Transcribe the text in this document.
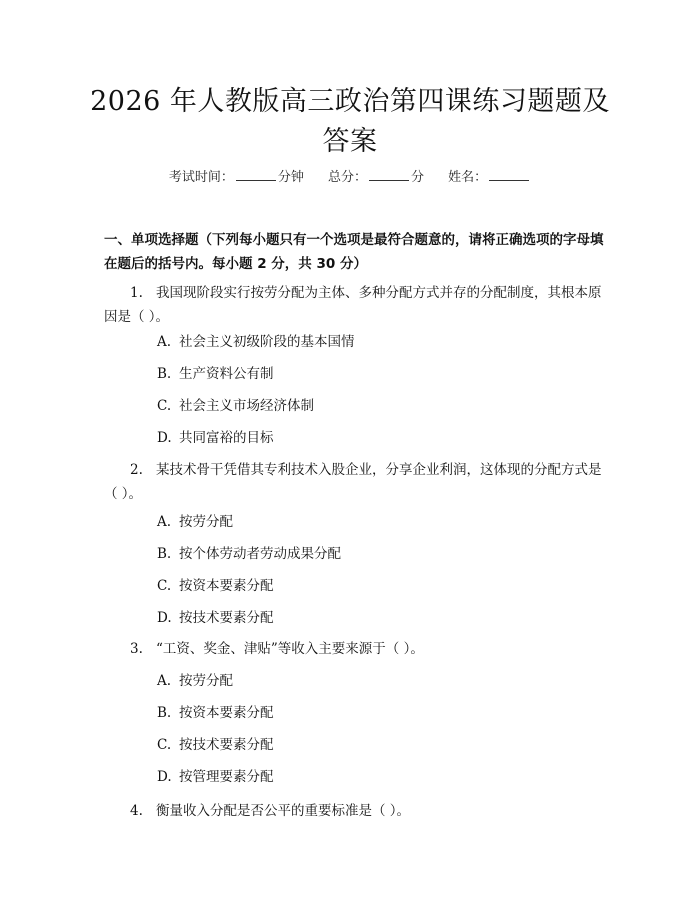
2026 年人教版高三政治第四课练习题题及答案
考试时间：	分钟 总分：	分 姓名：
一、单项选择题（下列每小题只有一个选项是最符合题意的，请将正确选项的字母填在题后的括号内。每小题 2 分，共 30 分）
1. 我国现阶段实行按劳分配为主体、多种分配方式并存的分配制度，其根本原因是（ ）。
A. 社会主义初级阶段的基本国情
B. 生产资料公有制
C. 社会主义市场经济体制
D. 共同富裕的目标
2. 某技术骨干凭借其专利技术入股企业，分享企业利润，这体现的分配方式是（ ）。
A. 按劳分配
B. 按个体劳动者劳动成果分配
C. 按资本要素分配
D. 按技术要素分配
3. “工资、奖金、津贴”等收入主要来源于（ ）。
A. 按劳分配
B. 按资本要素分配
C. 按技术要素分配
D. 按管理要素分配
4. 衡量收入分配是否公平的重要标准是（ ）。
